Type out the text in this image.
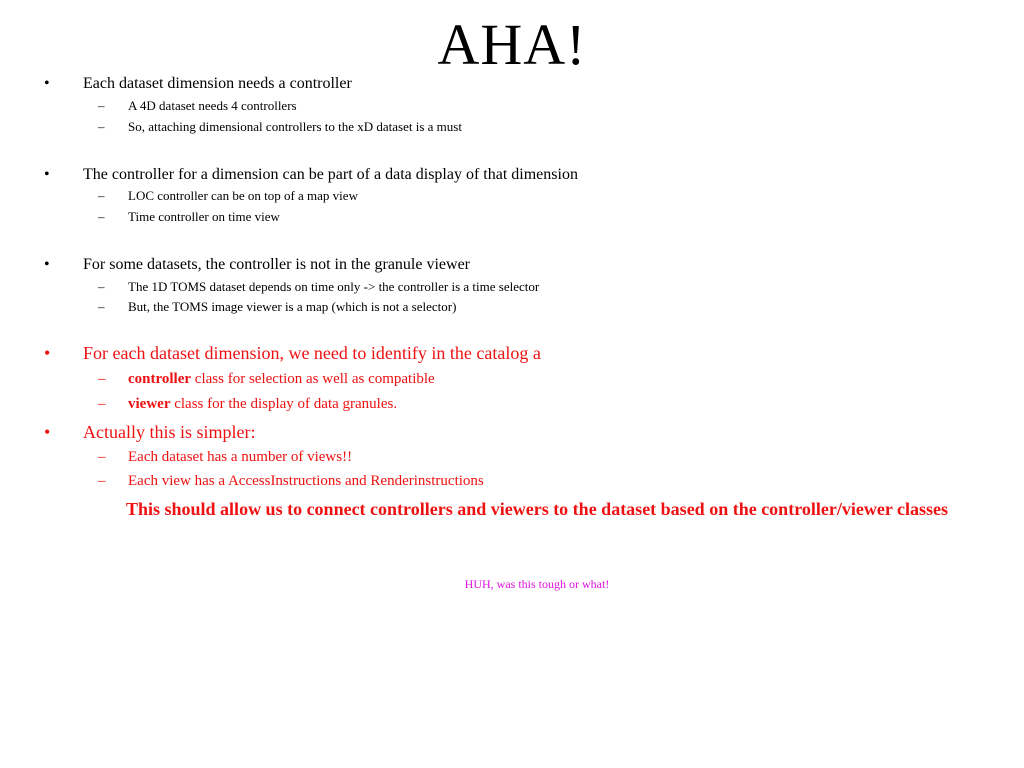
AHA!
• Each dataset dimension needs a controller
– A 4D dataset needs 4 controllers
– So, attaching dimensional controllers to the xD dataset is a must
• The controller for a dimension can be part of a data display of that dimension
– LOC controller can be on top of a map view
– Time controller on time view
• For some datasets, the controller is not in the granule viewer
– The 1D TOMS dataset depends on time only -> the controller is a time selector
– But, the TOMS image viewer is a map (which is not a selector)
• For each dataset dimension, we need to identify in the catalog a
– controller class for selection as well as compatible
– viewer class for the display of data granules.
• Actually this is simpler:
– Each dataset has a number of views!!
– Each view has a AccessInstructions and Renderinstructions
This should allow us to connect controllers and viewers to the dataset based on the controller/viewer classes
HUH, was this tough or what!
